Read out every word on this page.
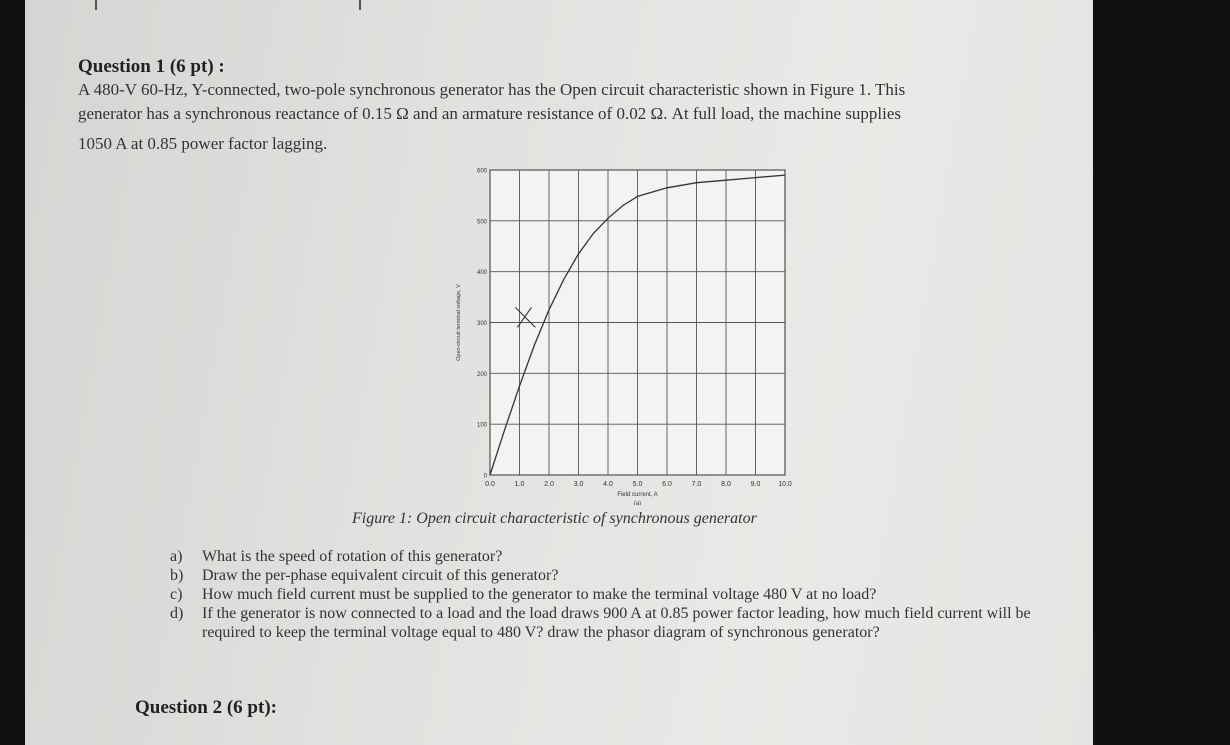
Question 1 (6 pt) :
A 480-V 60-Hz, Y-connected, two-pole synchronous generator has the Open circuit characteristic shown in Figure 1. This
generator has a synchronous reactance of 0.15 Ω and an armature resistance of 0.02 Ω. At full load, the machine supplies
1050 A at 0.85 power factor lagging.
0.0	1.0	2.0	3.0	4.0	5.0	6.0	7.0	8.0	9.0	10.0
0
100
200
300
400
500
600
Field current, A
(a)
Open-circuit terminal voltage, V
Figure 1: Open circuit characteristic of synchronous generator
a)	What is the speed of rotation of this generator?
b)	Draw the per-phase equivalent circuit of this generator?
c)	How much field current must be supplied to the generator to make the terminal voltage 480 V at no load?
d)	If the generator is now connected to a load and the load draws 900 A at 0.85 power factor leading, how much field current will be required to keep the terminal voltage equal to 480 V? draw the phasor diagram of synchronous generator?
Question 2 (6 pt):
